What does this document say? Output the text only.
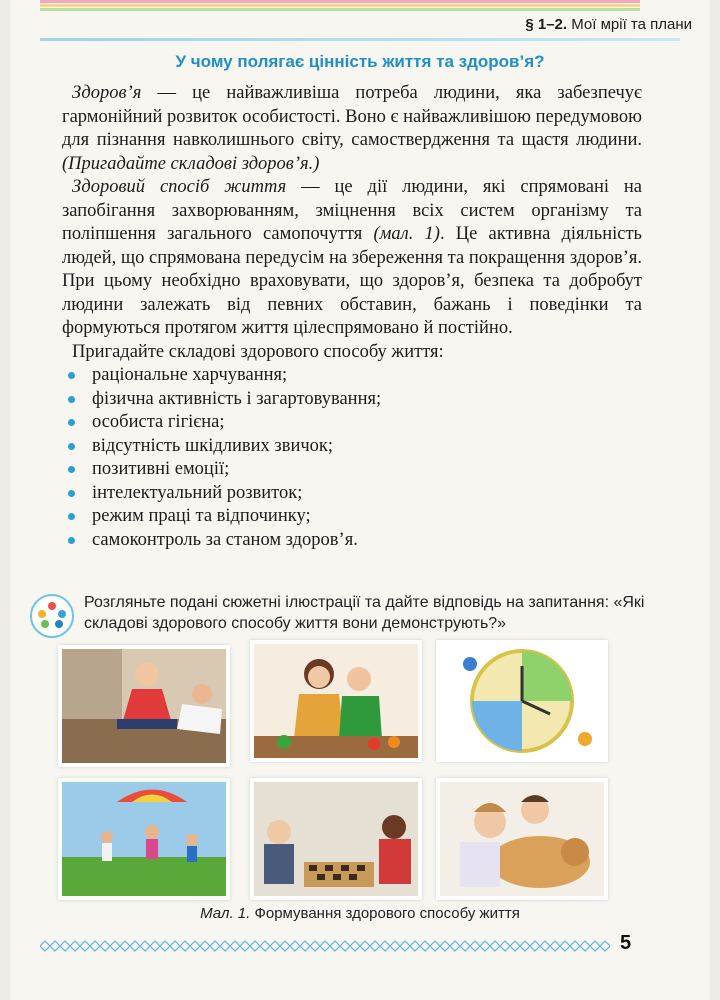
§ 1–2. Мої мрії та плани
У чому полягає цінність життя та здоров’я?

Здоров’я — це найважливіша потреба людини, яка забезпечує гармонійний розвиток особистості. Воно є найважливішою передумовою для пізнання навколишнього світу, самоствердження та щастя людини. (Пригадайте складові здоров’я.)

Здоровий спосіб життя — це дії людини, які спрямовані на запобігання захворюванням, зміцнення всіх систем організму та поліпшення загального самопочуття (мал. 1). Це активна діяльність людей, що спрямована передусім на збереження та покращення здоров’я. При цьому необхідно враховувати, що здоров’я, безпека та добробут людини залежать від певних обставин, бажань і поведінки та формуються протягом життя цілеспрямовано й постійно.

Пригадайте складові здорового способу життя:

раціональне харчування;
фізична активність і загартовування;
особиста гігієна;
відсутність шкідливих звичок;
позитивні емоції;
інтелектуальний розвиток;
режим праці та відпочинку;
самоконтроль за станом здоров’я.
Розгляньте подані сюжетні ілюстрації та дайте відповідь на запитання: «Які складові здорового способу життя вони демонструють?»
Мал. 1. Формування здорового способу життя
5
